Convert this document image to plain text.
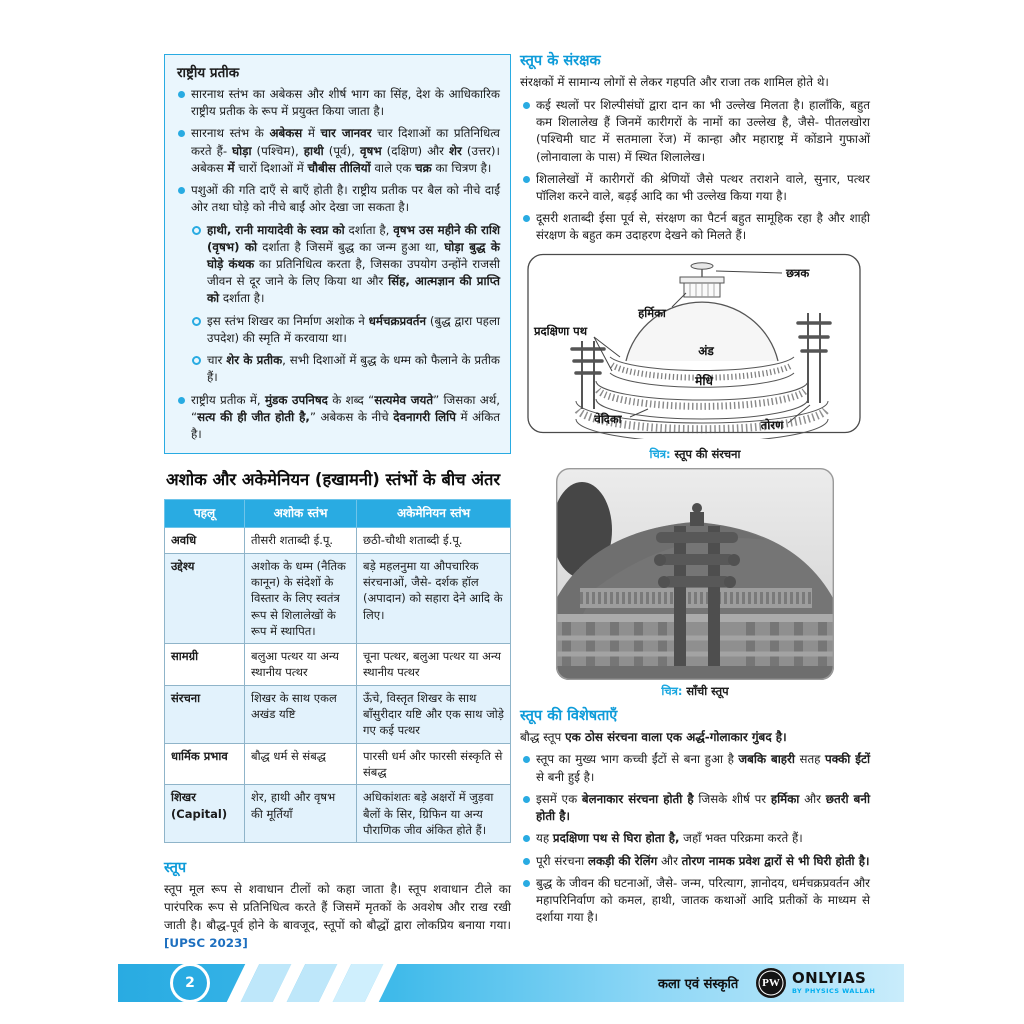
राष्ट्रीय प्रतीक
सारनाथ स्तंभ का अबेकस और शीर्ष भाग का सिंह, देश के आधिकारिक राष्ट्रीय प्रतीक के रूप में प्रयुक्त किया जाता है।
सारनाथ स्तंभ के अबेकस में चार जानवर चार दिशाओं का प्रतिनिधित्व करते हैं- घोड़ा (पश्चिम), हाथी (पूर्व), वृषभ (दक्षिण) और शेर (उत्तर)। अबेकस में चारों दिशाओं में चौबीस तीलियों वाले एक चक्र का चित्रण है।
पशुओं की गति दाएँ से बाएँ होती है। राष्ट्रीय प्रतीक पर बैल को नीचे दाईं ओर तथा घोड़े को नीचे बाईं ओर देखा जा सकता है।
हाथी, रानी मायादेवी के स्वप्न को दर्शाता है, वृषभ उस महीने की राशि (वृषभ) को दर्शाता है जिसमें बुद्ध का जन्म हुआ था, घोड़ा बुद्ध के घोड़े कंथक का प्रतिनिधित्व करता है, जिसका उपयोग उन्होंने राजसी जीवन से दूर जाने के लिए किया था और सिंह, आत्मज्ञान की प्राप्ति को दर्शाता है।
इस स्तंभ शिखर का निर्माण अशोक ने धर्मचक्रप्रवर्तन (बुद्ध द्वारा पहला उपदेश) की स्मृति में करवाया था।
चार शेर के प्रतीक, सभी दिशाओं में बुद्ध के धम्म को फैलाने के प्रतीक हैं।
राष्ट्रीय प्रतीक में, मुंडक उपनिषद के शब्द “सत्यमेव जयते” जिसका अर्थ, “सत्य की ही जीत होती है,” अबेकस के नीचे देवनागरी लिपि में अंकित है।
अशोक और अकेमेनियन (हखामनी) स्तंभों के बीच अंतर
पहलू	अशोक स्तंभ	अकेमेनियन स्तंभ
अवधि	तीसरी शताब्दी ई.पू.	छठी-चौथी शताब्दी ई.पू.
उद्देश्य	अशोक के धम्म (नैतिक कानून) के संदेशों के विस्तार के लिए स्वतंत्र रूप से शिलालेखों के रूप में स्थापित।	बड़े महलनुमा या औपचारिक संरचनाओं, जैसे- दर्शक हॉल (अपादान) को सहारा देने आदि के लिए।
सामग्री	बलुआ पत्थर या अन्य स्थानीय पत्थर	चूना पत्थर, बलुआ पत्थर या अन्य स्थानीय पत्थर
संरचना	शिखर के साथ एकल अखंड यष्टि	ऊँचे, विस्तृत शिखर के साथ बाँसुरीदार यष्टि और एक साथ जोड़े गए कई पत्थर
धार्मिक प्रभाव	बौद्ध धर्म से संबद्ध	पारसी धर्म और फारसी संस्कृति से संबद्ध
शिखर (Capital)	शेर, हाथी और वृषभ की मूर्तियाँ	अधिकांशतः बड़े अक्षरों में जुड़वा बैलों के सिर, ग्रिफिन या अन्य पौराणिक जीव अंकित होते हैं।
स्तूप

स्तूप मूल रूप से शवाधान टीलों को कहा जाता है। स्तूप शवाधान टीले का पारंपरिक रूप से प्रतिनिधित्व करते हैं जिसमें मृतकों के अवशेष और राख रखी जाती है। बौद्ध-पूर्व होने के बावजूद, स्तूपों को बौद्धों द्वारा लोकप्रिय बनाया गया। [UPSC 2023]

स्तूप के संरक्षक

संरक्षकों में सामान्य लोगों से लेकर गहपति और राजा तक शामिल होते थे।

कई स्थलों पर शिल्पीसंघों द्वारा दान का भी उल्लेख मिलता है। हालाँकि, बहुत कम शिलालेख हैं जिनमें कारीगरों के नामों का उल्लेख है, जैसे- पीतलखोरा (पश्चिमी घाट में सतमाला रेंज) में कान्हा और महाराष्ट्र में कोंडाने गुफाओं (लोनावाला के पास) में स्थित शिलालेख।
शिलालेखों में कारीगरों की श्रेणियों जैसे पत्थर तराशने वाले, सुनार, पत्थर पॉलिश करने वाले, बढ़ई आदि का भी उल्लेख किया गया है।
दूसरी शताब्दी ईसा पूर्व से, संरक्षण का पैटर्न बहुत सामूहिक रहा है और शाही संरक्षण के बहुत कम उदाहरण देखने को मिलते हैं।
छत्रक
हर्मिका
प्रदक्षिणा पथ
अंड
मेधि
वेदिका	तोरण
चित्र: स्तूप की संरचना
चित्र: साँची स्तूप
स्तूप की विशेषताएँ

बौद्ध स्तूप एक ठोस संरचना वाला एक अर्द्ध-गोलाकार गुंबद है।

स्तूप का मुख्य भाग कच्ची ईंटों से बना हुआ है जबकि बाहरी सतह पक्की ईंटों से बनी हुई है।
इसमें एक बेलनाकार संरचना होती है जिसके शीर्ष पर हर्मिका और छतरी बनी होती है।
यह प्रदक्षिणा पथ से घिरा होता है, जहाँ भक्त परिक्रमा करते हैं।
पूरी संरचना लकड़ी की रेलिंग और तोरण नामक प्रवेश द्वारों से भी घिरी होती है।
बुद्ध के जीवन की घटनाओं, जैसे- जन्म, परित्याग, ज्ञानोदय, धर्मचक्रप्रवर्तन और महापरिनिर्वाण को कमल, हाथी, जातक कथाओं आदि प्रतीकों के माध्यम से दर्शाया गया है।
2	कला एवं संस्कृति	PW ONLYIAS
BY PHYSICS WALLAH
